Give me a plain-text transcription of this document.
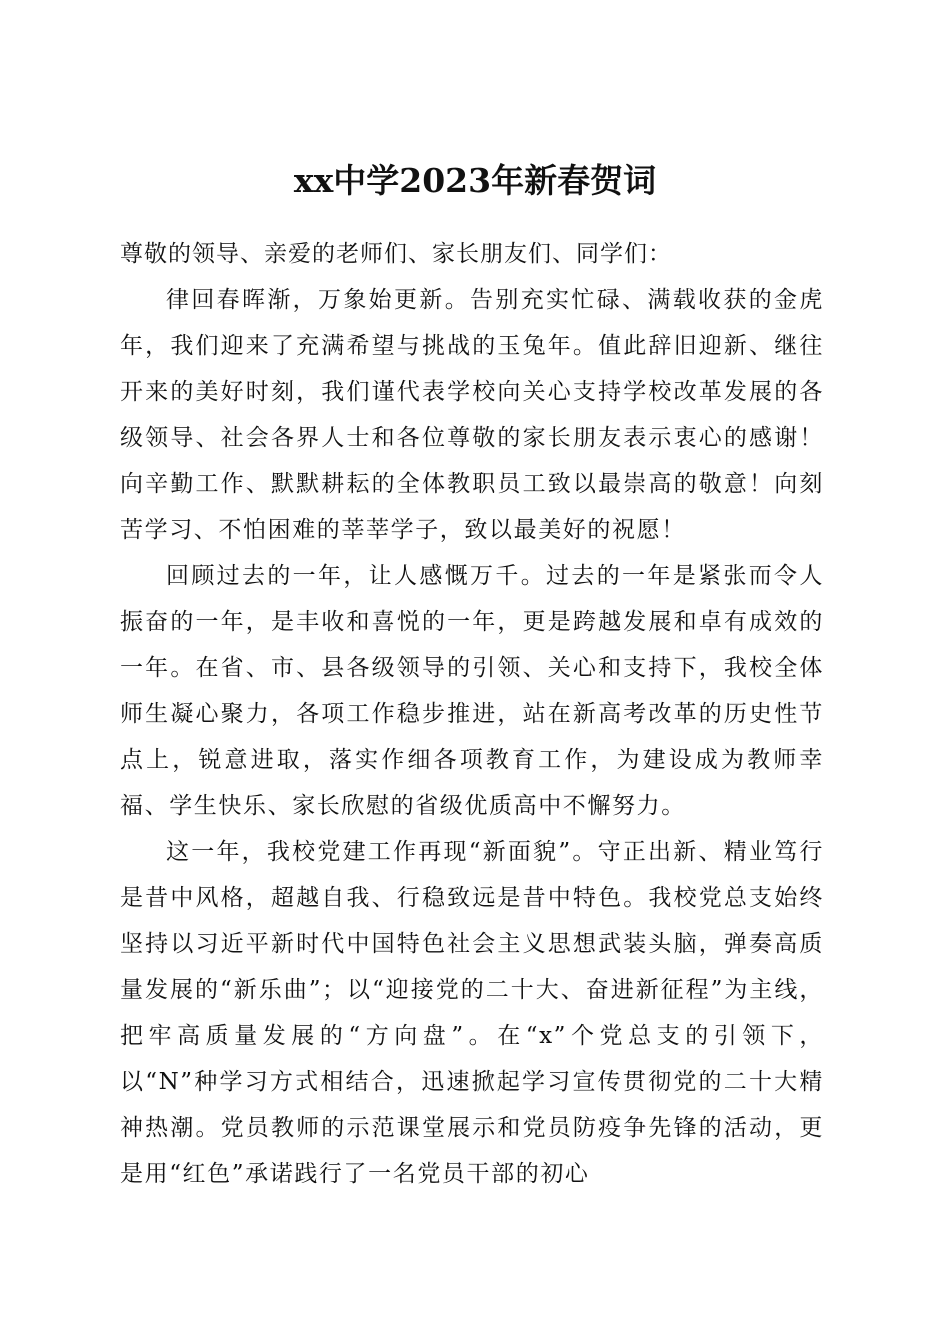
xx中学2023年新春贺词

尊敬的领导、亲爱的老师们、家长朋友们、同学们：

律回春晖渐，万象始更新。告别充实忙碌、满载收获的金虎年，我们迎来了充满希望与挑战的玉兔年。值此辞旧迎新、继往开来的美好时刻，我们谨代表学校向关心支持学校改革发展的各级领导、社会各界人士和各位尊敬的家长朋友表示衷心的感谢！向辛勤工作、默默耕耘的全体教职员工致以最崇高的敬意！向刻苦学习、不怕困难的莘莘学子，致以最美好的祝愿！

回顾过去的一年，让人感慨万千。过去的一年是紧张而令人振奋的一年，是丰收和喜悦的一年，更是跨越发展和卓有成效的一年。在省、市、县各级领导的引领、关心和支持下，我校全体师生凝心聚力，各项工作稳步推进，站在新高考改革的历史性节点上，锐意进取，落实作细各项教育工作，为建设成为教师幸福、学生快乐、家长欣慰的省级优质高中不懈努力。

这一年，我校党建工作再现“新面貌”。守正出新、精业笃行是昔中风格，超越自我、行稳致远是昔中特色。我校党总支始终坚持以习近平新时代中国特色社会主义思想武装头脑，弹奏高质量发展的“新乐曲”；以“迎接党的二十大、奋进新征程”为主线，把牢高质量发展的“方向盘”。在“x”个党总支的引领下，以“N”种学习方式相结合，迅速掀起学习宣传贯彻党的二十大精神热潮。党员教师的示范课堂展示和党员防疫争先锋的活动，更是用“红色”承诺践行了一名党员干部的初心
